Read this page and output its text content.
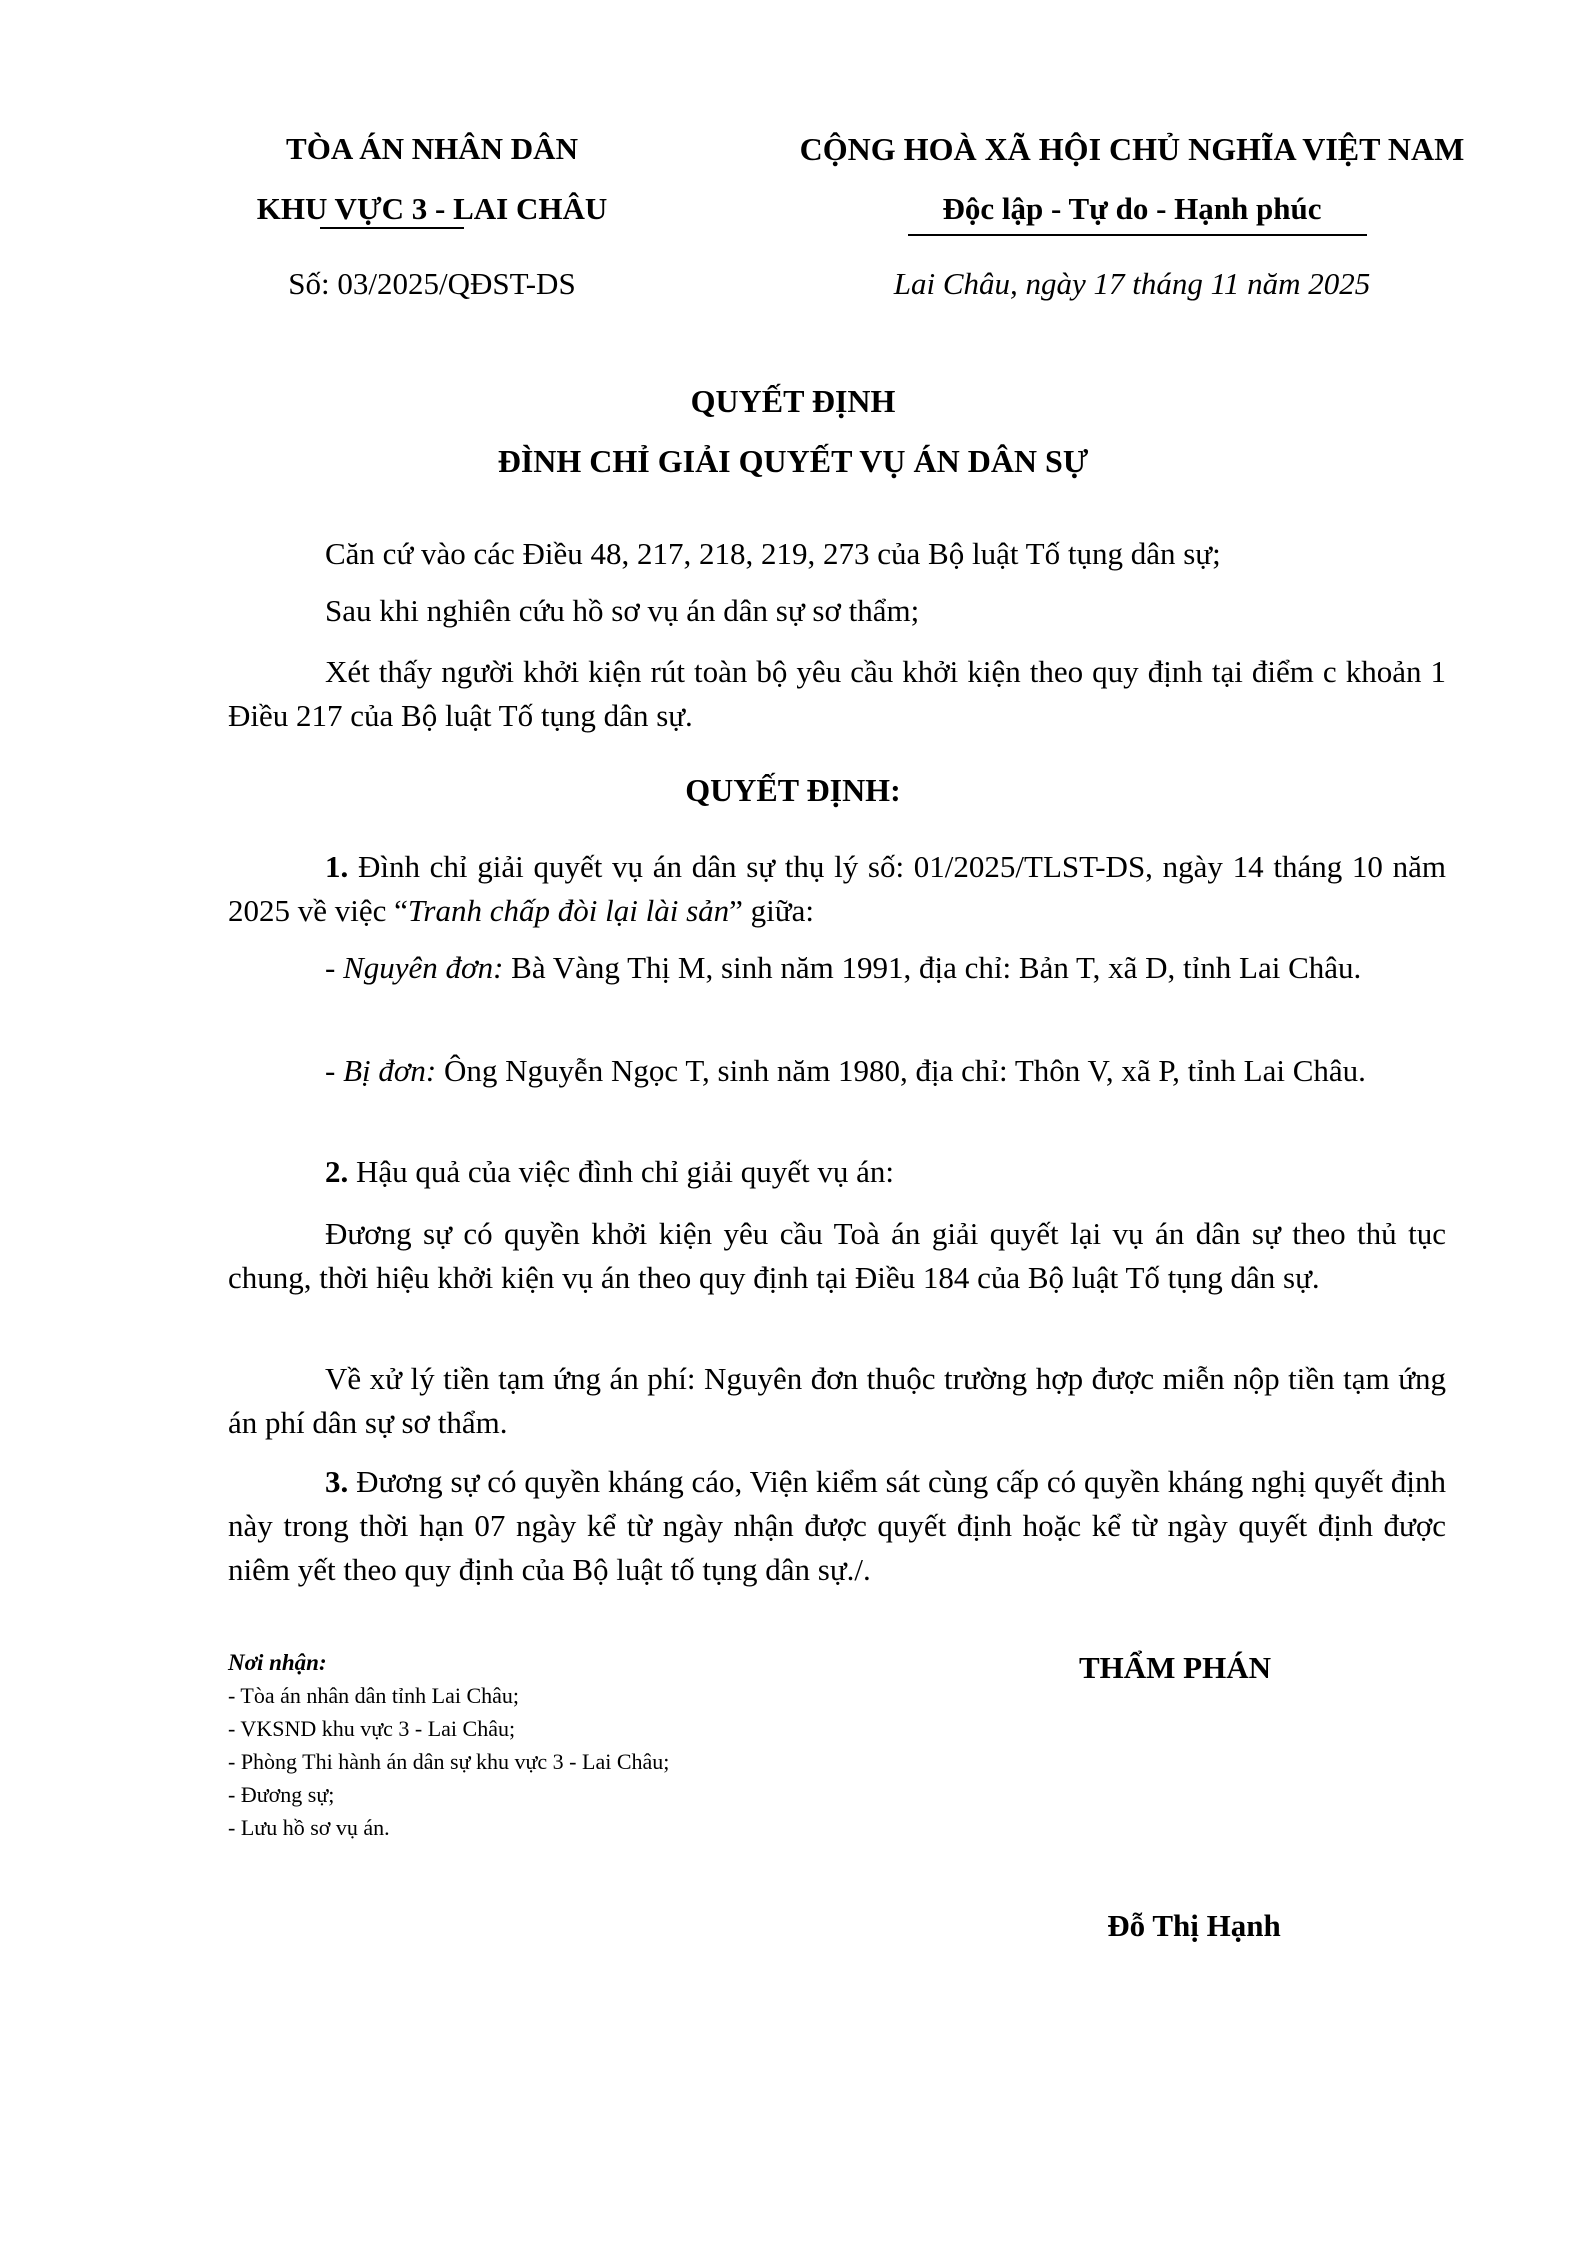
TÒA ÁN NHÂN DÂN
KHU VỰC 3 - LAI CHÂU
Số: 03/2025/QĐST-DS
CỘNG HOÀ XÃ HỘI CHỦ NGHĨA VIỆT NAM
Độc lập - Tự do - Hạnh phúc
Lai Châu, ngày 17 tháng 11 năm 2025
QUYẾT ĐỊNH
ĐÌNH CHỈ GIẢI QUYẾT VỤ ÁN DÂN SỰ
Căn cứ vào các Điều 48, 217, 218, 219, 273 của Bộ luật Tố tụng dân sự;
Sau khi nghiên cứu hồ sơ vụ án dân sự sơ thẩm;
Xét thấy người khởi kiện rút toàn bộ yêu cầu khởi kiện theo quy định tại điểm c khoản 1 Điều 217 của Bộ luật Tố tụng dân sự.
QUYẾT ĐỊNH:
1. Đình chỉ giải quyết vụ án dân sự thụ lý số: 01/2025/TLST-DS, ngày 14 tháng 10 năm 2025 về việc “Tranh chấp đòi lại lài sản” giữa:
- Nguyên đơn: Bà Vàng Thị M, sinh năm 1991, địa chỉ: Bản T, xã D, tỉnh Lai Châu.
- Bị đơn: Ông Nguyễn Ngọc T, sinh năm 1980, địa chỉ: Thôn V, xã P, tỉnh Lai Châu.
2. Hậu quả của việc đình chỉ giải quyết vụ án:
Đương sự có quyền khởi kiện yêu cầu Toà án giải quyết lại vụ án dân sự theo thủ tục chung, thời hiệu khởi kiện vụ án theo quy định tại Điều 184 của Bộ luật Tố tụng dân sự.
Về xử lý tiền tạm ứng án phí: Nguyên đơn thuộc trường hợp được miễn nộp tiền tạm ứng án phí dân sự sơ thẩm.
3. Đương sự có quyền kháng cáo, Viện kiểm sát cùng cấp có quyền kháng nghị quyết định này trong thời hạn 07 ngày kể từ ngày nhận được quyết định hoặc kể từ ngày quyết định được niêm yết theo quy định của Bộ luật tố tụng dân sự./.
Nơi nhận:
- Tòa án nhân dân tỉnh Lai Châu;
- VKSND khu vực 3 - Lai Châu;
- Phòng Thi hành án dân sự khu vực 3 - Lai Châu;
- Đương sự;
- Lưu hồ sơ vụ án.
THẨM PHÁN
Đỗ Thị Hạnh
